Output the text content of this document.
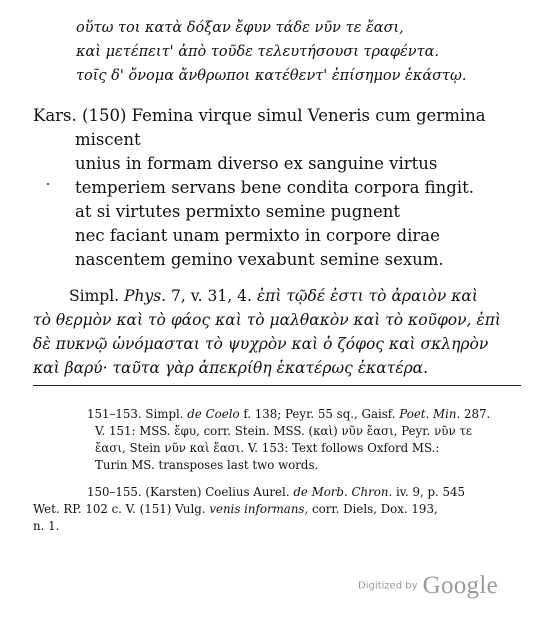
οὕτω τοι κατὰ δόξαν ἔφυν τάδε νῦν τε ἔασι,
καὶ μετέπειτ' ἀπὸ τοῦδε τελευτήσουσι τραφέντα.
τοῖς δ' ὄνομα ἄνθρωποι κατέθεντ' ἐπίσημον ἑκάστῳ.
Kars. (150) Femina virque simul Veneris cum germina
miscent
unius in formam diverso ex sanguine virtus
temperiem servans bene condita corpora fingit.
at si virtutes permixto semine pugnent
nec faciant unam permixto in corpore dirae
nascentem gemino vexabunt semine sexum.
Simpl. Phys. 7, v. 31, 4. ἐπὶ τῷδέ ἐστι τὸ ἀραιὸν καὶ
τὸ θερμὸν καὶ τὸ φάος καὶ τὸ μαλθακὸν καὶ τὸ κοῦφον, ἐπὶ
δὲ πυκνῷ ὠνόμασται τὸ ψυχρὸν καὶ ὁ ζόφος καὶ σκληρὸν
καὶ βαρύ· ταῦτα γὰρ ἀπεκρίθη ἑκατέρως ἑκατέρα.
151–153. Simpl. de Coelo f. 138; Peyr. 55 sq., Gaisf. Poet. Min. 287.
V. 151: MSS. ἔφυ, corr. Stein. MSS. (καὶ) νῦν ἔασι, Peyr. νῦν τε
ἔασι, Stein νῦν καὶ ἔασι. V. 153: Text follows Oxford MS.:
Turin MS. transposes last two words.
150–155. (Karsten) Coelius Aurel. de Morb. Chron. iv. 9, p. 545
Wet. RP. 102 c. V. (151) Vulg. venis informans, corr. Diels, Dox. 193,
n. 1.
Digitized by Google
